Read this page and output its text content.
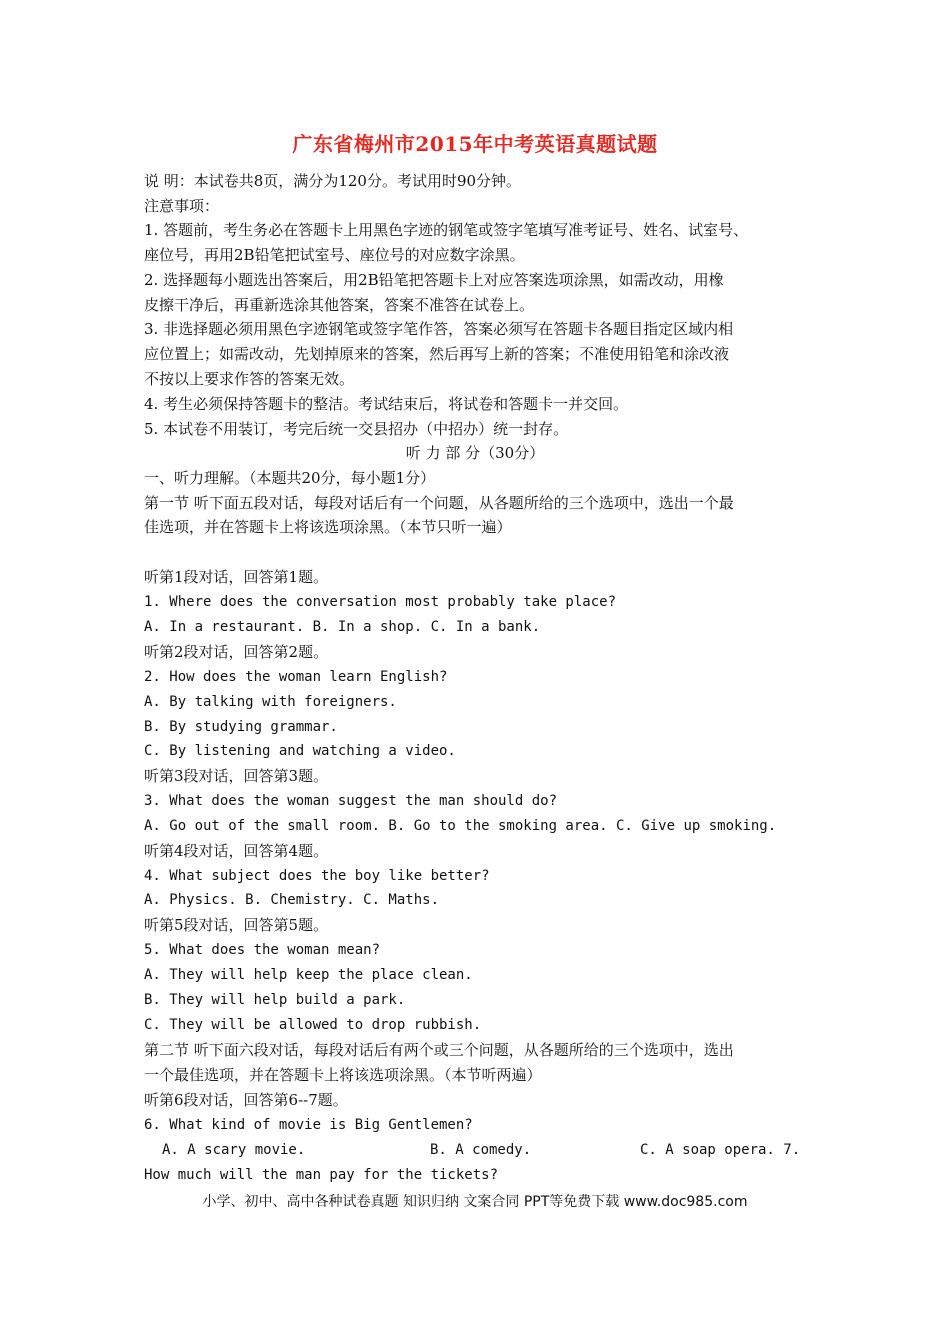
广东省梅州市2015年中考英语真题试题
说 明：本试卷共8页，满分为120分。考试用时90分钟。
注意事项：
1. 答题前，考生务必在答题卡上用黑色字迹的钢笔或签字笔填写准考证号、姓名、试室号、
座位号，再用2B铅笔把试室号、座位号的对应数字涂黑。
2. 选择题每小题选出答案后，用2B铅笔把答题卡上对应答案选项涂黑，如需改动，用橡
皮擦干净后，再重新选涂其他答案，答案不准答在试卷上。
3. 非选择题必须用黑色字迹钢笔或签字笔作答，答案必须写在答题卡各题目指定区域内相
应位置上；如需改动，先划掉原来的答案，然后再写上新的答案；不准使用铅笔和涂改液
不按以上要求作答的答案无效。
4. 考生必须保持答题卡的整洁。考试结束后，将试卷和答题卡一并交回。
5. 本试卷不用装订，考完后统一交县招办（中招办）统一封存。
听 力 部 分（30分）
一、听力理解。（本题共20分，每小题1分）
第一节 听下面五段对话，每段对话后有一个问题，从各题所给的三个选项中，选出一个最
佳选项，并在答题卡上将该选项涂黑。（本节只听一遍）
听第1段对话，回答第1题。
1. Where does the conversation most probably take place?
A. In a restaurant. B. In a shop. C. In a bank.
听第2段对话，回答第2题。
2. How does the woman learn English?
A. By talking with foreigners.
B. By studying grammar.
C. By listening and watching a video.
听第3段对话，回答第3题。
3. What does the woman suggest the man should do?
A. Go out of the small room. B. Go to the smoking area. C. Give up smoking.
听第4段对话，回答第4题。
4. What subject does the boy like better?
A. Physics. B. Chemistry. C. Maths.
听第5段对话，回答第5题。
5. What does the woman mean?
A. They will help keep the place clean.
B. They will help build a park.
C. They will be allowed to drop rubbish.
第二节 听下面六段对话，每段对话后有两个或三个问题，从各题所给的三个选项中，选出
一个最佳选项，并在答题卡上将该选项涂黑。（本节听两遍）
听第6段对话，回答第6--7题。
6. What kind of movie is Big Gentlemen?
A. A scary movie.	B. A comedy.	C. A soap opera. 7.
How much will the man pay for the tickets?
小学、初中、高中各种试卷真题 知识归纳 文案合同 PPT等免费下载 www.doc985.com
